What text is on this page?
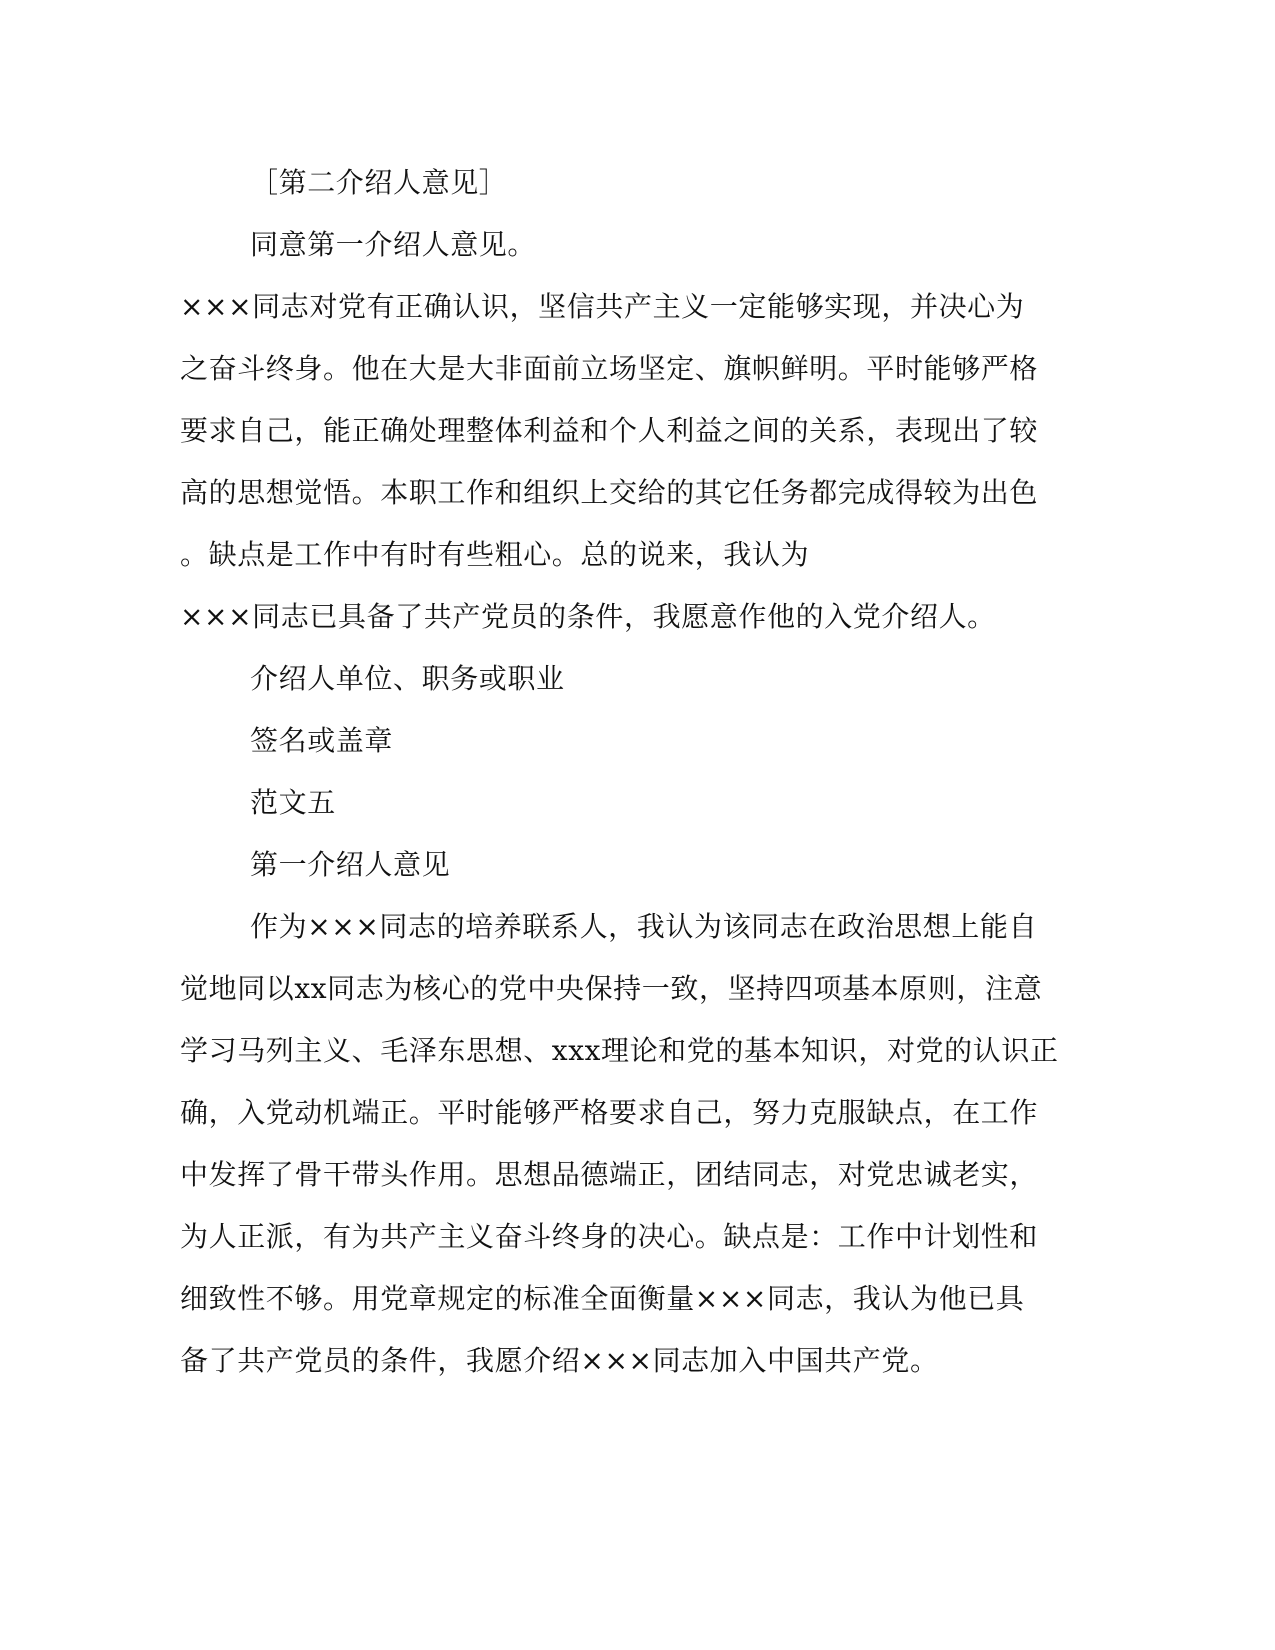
［第二介绍人意见］
同意第一介绍人意见。
×××同志对党有正确认识，坚信共产主义一定能够实现，并决心为
之奋斗终身。他在大是大非面前立场坚定、旗帜鲜明。平时能够严格
要求自己，能正确处理整体利益和个人利益之间的关系，表现出了较
高的思想觉悟。本职工作和组织上交给的其它任务都完成得较为出色
。缺点是工作中有时有些粗心。总的说来，我认为
×××同志已具备了共产党员的条件，我愿意作他的入党介绍人。
介绍人单位、职务或职业
签名或盖章
范文五
第一介绍人意见
作为×××同志的培养联系人，我认为该同志在政治思想上能自
觉地同以xx同志为核心的党中央保持一致，坚持四项基本原则，注意
学习马列主义、毛泽东思想、xxx理论和党的基本知识，对党的认识正
确，入党动机端正。平时能够严格要求自己，努力克服缺点，在工作
中发挥了骨干带头作用。思想品德端正，团结同志，对党忠诚老实，
为人正派，有为共产主义奋斗终身的决心。缺点是：工作中计划性和
细致性不够。用党章规定的标准全面衡量×××同志，我认为他已具
备了共产党员的条件，我愿介绍×××同志加入中国共产党。
